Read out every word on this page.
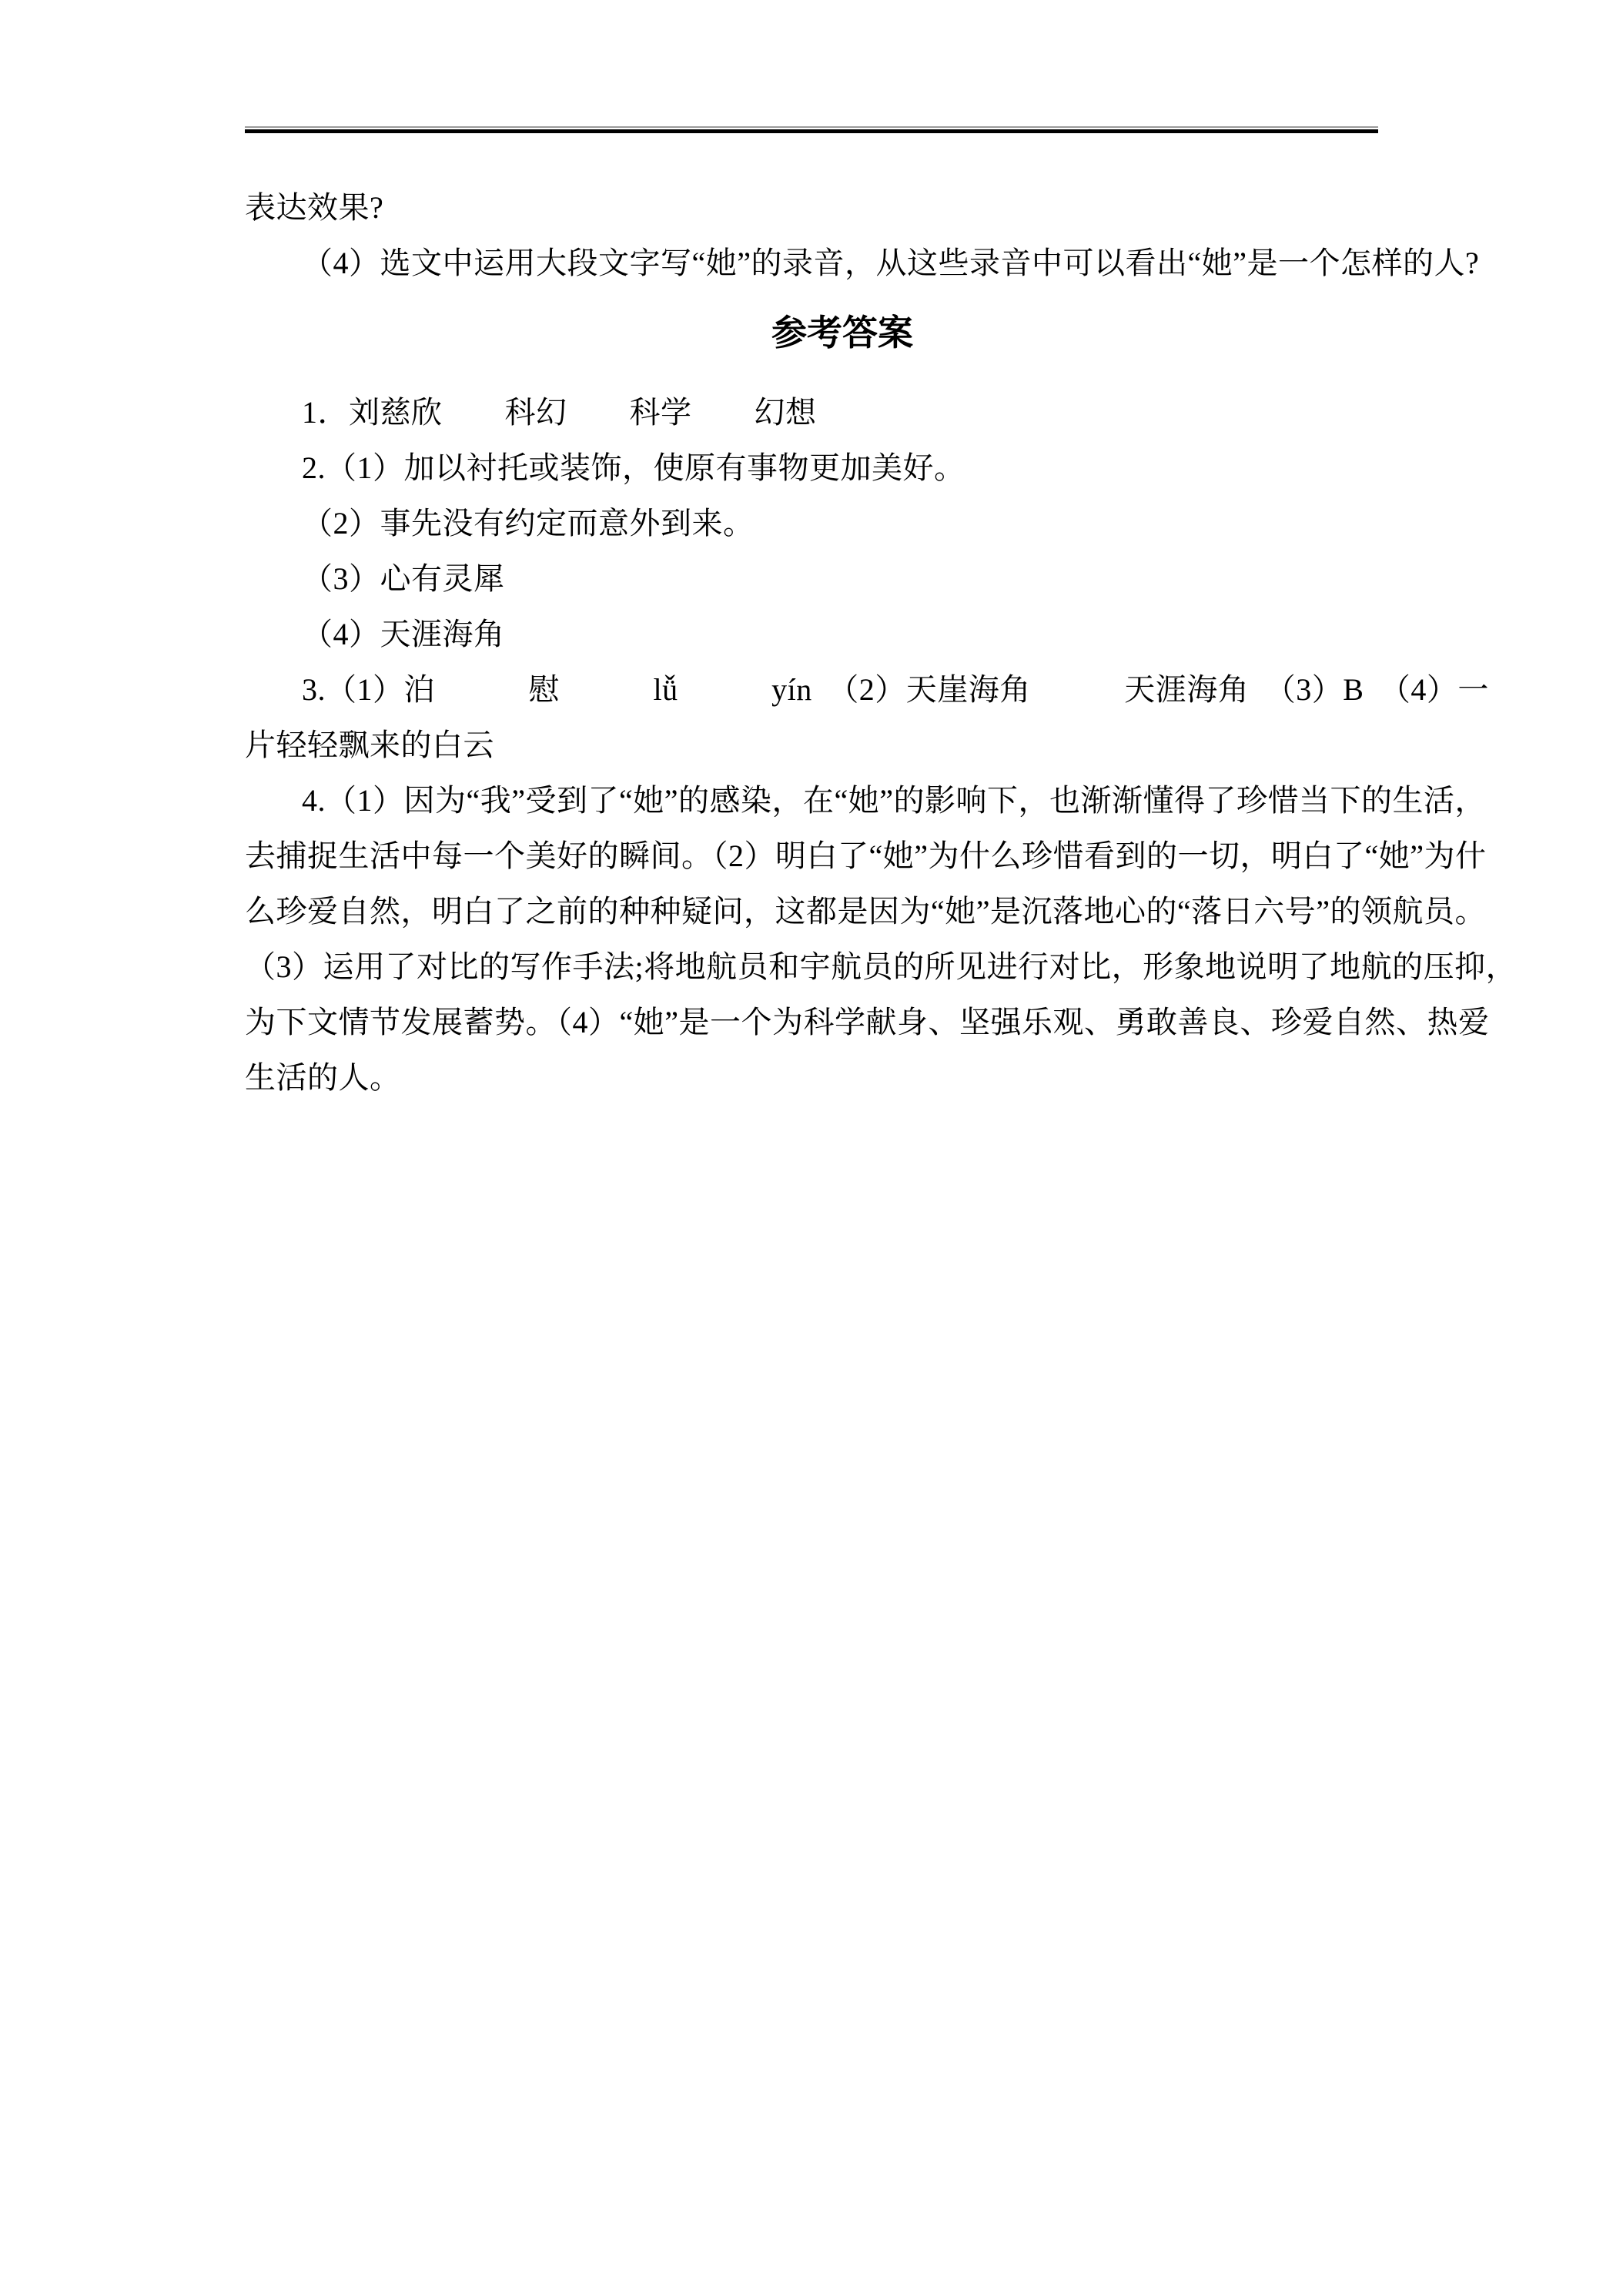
表达效果?

（4）选文中运用大段文字写“她”的录音，从这些录音中可以看出“她”是一个怎样的人?

参考答案

1．刘慈欣　　科幻　　科学　　幻想

2.（1）加以衬托或装饰，使原有事物更加美好。

（2）事先没有约定而意外到来。

（3）心有灵犀

（4）天涯海角

3.（1）泊　　　慰　　　lǚ　　　yín　（2）天崖海角　　　天涯海角　（3）B　（4）一

片轻轻飘来的白云

4.（1）因为“我”受到了“她”的感染，在“她”的影响下，也渐渐懂得了珍惜当下的生活，

去捕捉生活中每一个美好的瞬间。（2）明白了“她”为什么珍惜看到的一切，明白了“她”为什

么珍爱自然，明白了之前的种种疑问，这都是因为“她”是沉落地心的“落日六号”的领航员。

（3）运用了对比的写作手法;将地航员和宇航员的所见进行对比，形象地说明了地航的压抑，

为下文情节发展蓄势。（4）“她”是一个为科学献身、坚强乐观、勇敢善良、珍爱自然、热爱

生活的人。
